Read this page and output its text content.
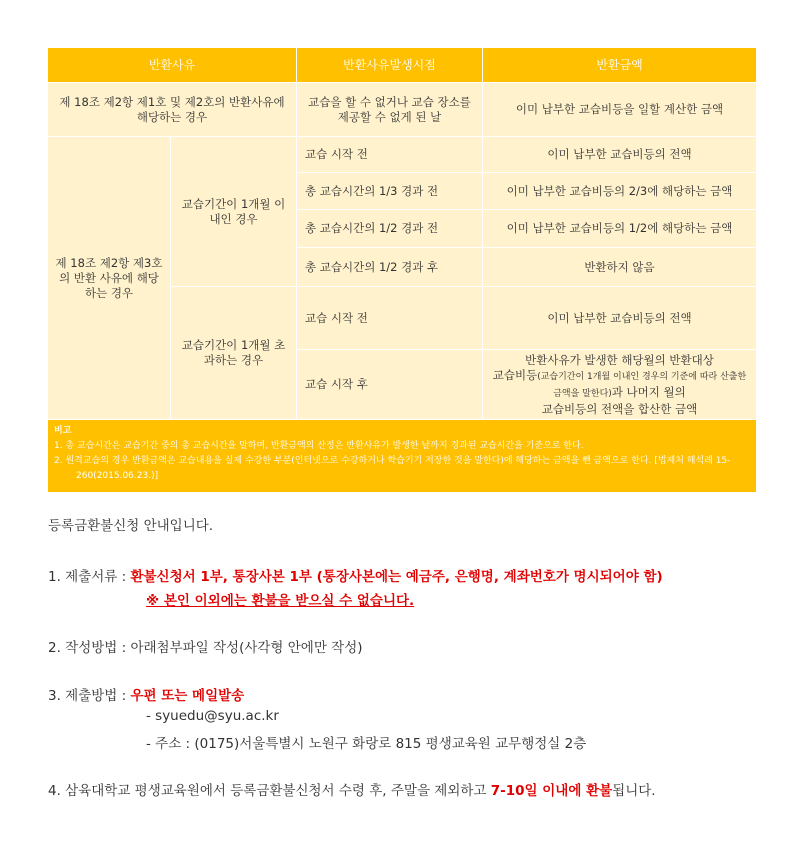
반환사유		반환사유발생시점	반환금액
제 18조 제2항 제1호 및 제2호의 반환사유에 해당하는 경우		교습을 할 수 없거나 교습 장소를 제공할 수 없게 된 날	이미 납부한 교습비등을 일할 계산한 금액
제 18조 제2항 제3호의 반환 사유에 해당하는 경우	교습기간이 1개월 이내인 경우	교습 시작 전	이미 납부한 교습비등의 전액
		총 교습시간의 1/3 경과 전	이미 납부한 교습비등의 2/3에 해당하는 금액
		총 교습시간의 1/2 경과 전	이미 납부한 교습비등의 1/2에 해당하는 금액
		총 교습시간의 1/2 경과 후	반환하지 않음
	교습기간이 1개월 초과하는 경우	교습 시작 전	이미 납부한 교습비등의 전액
		교습 시작 후	반환사유가 발생한 해당월의 반환대상
교습비등(교습기간이 1개월 이내인 경우의 기준에 따라 산출한 금액을 말한다)과 나머지 월의
교습비등의 전액을 합산한 금액

비고
1. 총 교습시간은 교습기간 중의 총 교습시간을 말하며, 반환금액의 산정은 반환사유가 발생한 날까지 경과된 교습시간을 기준으로 한다.
2. 원격교습의 경우 반환금액은 교습내용을 실제 수강한 부분(인터넷으로 수강하거나 학습기기 저장한 것을 말한다)에 해당하는 금액을 뺀 금액으로 한다. [법제처 해석례 15-260(2015.06.23.)]			
등록금환불신청 안내입니다.
1. 제출서류 : 환불신청서 1부, 통장사본 1부 (통장사본에는 예금주, 은행명, 계좌번호가 명시되어야 함)
※ 본인 이외에는 환불을 받으실 수 없습니다.
2. 작성방법 : 아래첨부파일 작성(사각형 안에만 작성)
3. 제출방법 : 우편 또는 메일발송
- syuedu@syu.ac.kr
- 주소 : (0175)서울특별시 노원구 화랑로 815 평생교육원 교무행정실 2층
4. 삼육대학교 평생교육원에서 등록금환불신청서 수령 후, 주말을 제외하고 7-10일 이내에 환불됩니다.
